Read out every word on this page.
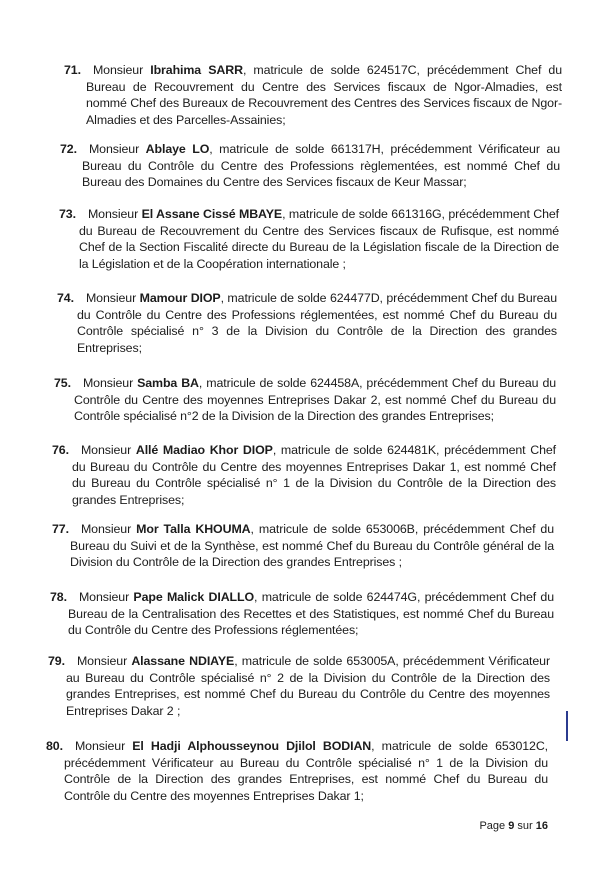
71. Monsieur Ibrahima SARR, matricule de solde 624517C, précédemment Chef du Bureau de Recouvrement du Centre des Services fiscaux de Ngor-Almadies, est nommé Chef des Bureaux de Recouvrement des Centres des Services fiscaux de Ngor-Almadies et des Parcelles-Assainies;
72. Monsieur Ablaye LO, matricule de solde 661317H, précédemment Vérificateur au Bureau du Contrôle du Centre des Professions règlementées, est nommé Chef du Bureau des Domaines du Centre des Services fiscaux de Keur Massar;
73. Monsieur El Assane Cissé MBAYE, matricule de solde 661316G, précédemment Chef du Bureau de Recouvrement du Centre des Services fiscaux de Rufisque, est nommé Chef de la Section Fiscalité directe du Bureau de la Législation fiscale de la Direction de la Législation et de la Coopération internationale ;
74. Monsieur Mamour DIOP, matricule de solde 624477D, précédemment Chef du Bureau du Contrôle du Centre des Professions réglementées, est nommé Chef du Bureau du Contrôle spécialisé n° 3 de la Division du Contrôle de la Direction des grandes Entreprises;
75. Monsieur Samba BA, matricule de solde 624458A, précédemment Chef du Bureau du Contrôle du Centre des moyennes Entreprises Dakar 2, est nommé Chef du Bureau du Contrôle spécialisé n°2 de la Division de la Direction des grandes Entreprises;
76. Monsieur Allé Madiao Khor DIOP, matricule de solde 624481K, précédemment Chef du Bureau du Contrôle du Centre des moyennes Entreprises Dakar 1, est nommé Chef du Bureau du Contrôle spécialisé n° 1 de la Division du Contrôle de la Direction des grandes Entreprises;
77. Monsieur Mor Talla KHOUMA, matricule de solde 653006B, précédemment Chef du Bureau du Suivi et de la Synthèse, est nommé Chef du Bureau du Contrôle général de la Division du Contrôle de la Direction des grandes Entreprises ;
78. Monsieur Pape Malick DIALLO, matricule de solde 624474G, précédemment Chef du Bureau de la Centralisation des Recettes et des Statistiques, est nommé Chef du Bureau du Contrôle du Centre des Professions réglementées;
79. Monsieur Alassane NDIAYE, matricule de solde 653005A, précédemment Vérificateur au Bureau du Contrôle spécialisé n° 2 de la Division du Contrôle de la Direction des grandes Entreprises, est nommé Chef du Bureau du Contrôle du Centre des moyennes Entreprises Dakar 2 ;
80. Monsieur El Hadji Alphousseynou Djilol BODIAN, matricule de solde 653012C, précédemment Vérificateur au Bureau du Contrôle spécialisé n° 1 de la Division du Contrôle de la Direction des grandes Entreprises, est nommé Chef du Bureau du Contrôle du Centre des moyennes Entreprises Dakar 1;
Page 9 sur 16
